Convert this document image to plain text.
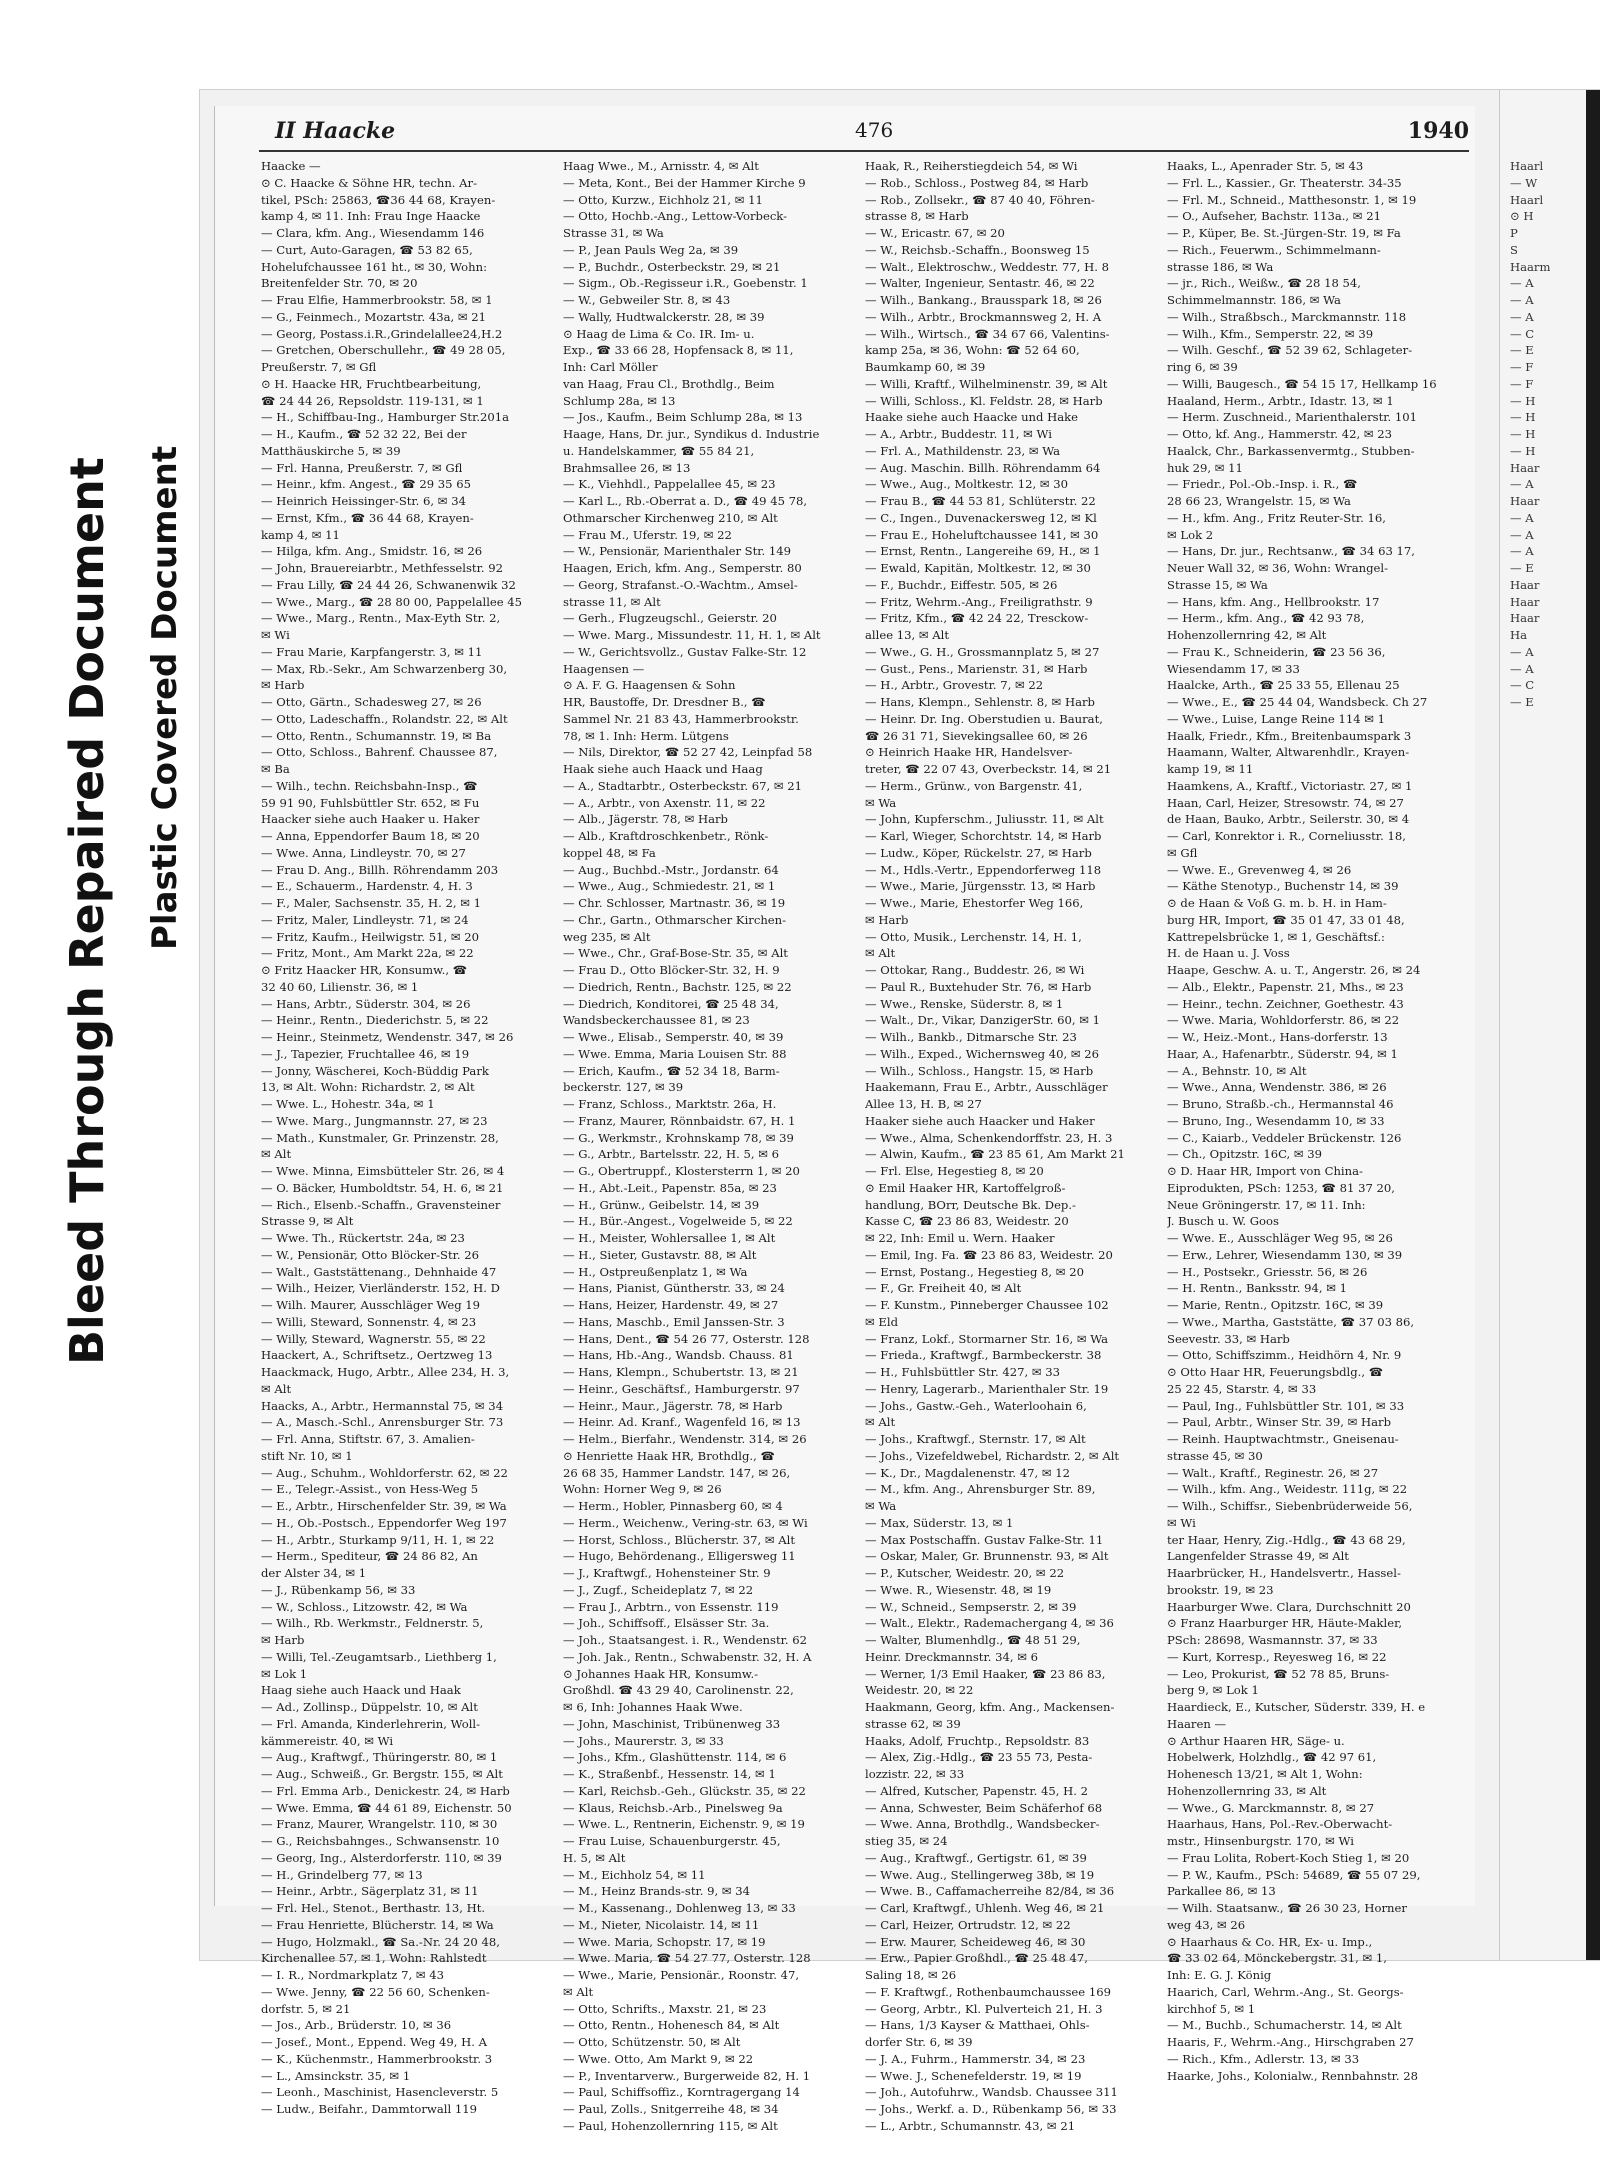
Bleed Through Repaired Document Plastic Covered Document
II Haacke	476	1940
Haacke —
⊙ C. Haacke & Söhne HR, techn. Ar-
tikel, PSch: 25863, ☎36 44 68, Krayen-
kamp 4, ✉ 11. Inh: Frau Inge Haacke
— Clara, kfm. Ang., Wiesendamm 146
— Curt, Auto-Garagen, ☎ 53 82 65,
Hohelufchaussee 161 ht., ✉ 30, Wohn:
Breitenfelder Str. 70, ✉ 20
— Frau Elfie, Hammerbrookstr. 58, ✉ 1
— G., Feinmech., Mozartstr. 43a, ✉ 21
— Georg, Postass.i.R.,Grindelallee24,H.2
— Gretchen, Oberschullehr., ☎ 49 28 05,
Preußerstr. 7, ✉ Gfl
⊙ H. Haacke HR, Fruchtbearbeitung,
☎ 24 44 26, Repsoldstr. 119-131, ✉ 1
— H., Schiffbau-Ing., Hamburger Str.201a
— H., Kaufm., ☎ 52 32 22, Bei der
Matthäuskirche 5, ✉ 39
— Frl. Hanna, Preußerstr. 7, ✉ Gfl
— Heinr., kfm. Angest., ☎ 29 35 65
— Heinrich Heissinger-Str. 6, ✉ 34
— Ernst, Kfm., ☎ 36 44 68, Krayen-
kamp 4, ✉ 11
— Hilga, kfm. Ang., Smidstr. 16, ✉ 26
— John, Brauereiarbtr., Methfesselstr. 92
— Frau Lilly, ☎ 24 44 26, Schwanenwik 32
— Wwe., Marg., ☎ 28 80 00, Pappelallee 45
— Wwe., Marg., Rentn., Max-Eyth Str. 2,
✉ Wi
— Frau Marie, Karpfangerstr. 3, ✉ 11
— Max, Rb.-Sekr., Am Schwarzenberg 30,
✉ Harb
— Otto, Gärtn., Schadesweg 27, ✉ 26
— Otto, Ladeschaffn., Rolandstr. 22, ✉ Alt
— Otto, Rentn., Schumannstr. 19, ✉ Ba
— Otto, Schloss., Bahrenf. Chaussee 87,
✉ Ba
— Wilh., techn. Reichsbahn-Insp., ☎
59 91 90, Fuhlsbüttler Str. 652, ✉ Fu
Haacker siehe auch Haaker u. Haker
— Anna, Eppendorfer Baum 18, ✉ 20
— Wwe. Anna, Lindleystr. 70, ✉ 27
— Frau D. Ang., Billh. Röhrendamm 203
— E., Schauerm., Hardenstr. 4, H. 3
— F., Maler, Sachsenstr. 35, H. 2, ✉ 1
— Fritz, Maler, Lindleystr. 71, ✉ 24
— Fritz, Kaufm., Heilwigstr. 51, ✉ 20
— Fritz, Mont., Am Markt 22a, ✉ 22
⊙ Fritz Haacker HR, Konsumw., ☎
32 40 60, Lilienstr. 36, ✉ 1
— Hans, Arbtr., Süderstr. 304, ✉ 26
— Heinr., Rentn., Diederichstr. 5, ✉ 22
— Heinr., Steinmetz, Wendenstr. 347, ✉ 26
— J., Tapezier, Fruchtallee 46, ✉ 19
— Jonny, Wäscherei, Koch-Büddig Park
13, ✉ Alt. Wohn: Richardstr. 2, ✉ Alt
— Wwe. L., Hohestr. 34a, ✉ 1
— Wwe. Marg., Jungmannstr. 27, ✉ 23
— Math., Kunstmaler, Gr. Prinzenstr. 28,
✉ Alt
— Wwe. Minna, Eimsbütteler Str. 26, ✉ 4
— O. Bäcker, Humboldtstr. 54, H. 6, ✉ 21
— Rich., Elsenb.-Schaffn., Gravensteiner
Strasse 9, ✉ Alt
— Wwe. Th., Rückertstr. 24a, ✉ 23
— W., Pensionär, Otto Blöcker-Str. 26
— Walt., Gaststättenang., Dehnhaide 47
— Wilh., Heizer, Vierländerstr. 152, H. D
— Wilh. Maurer, Ausschläger Weg 19
— Willi, Steward, Sonnenstr. 4, ✉ 23
— Willy, Steward, Wagnerstr. 55, ✉ 22
Haackert, A., Schriftsetz., Oertzweg 13
Haackmack, Hugo, Arbtr., Allee 234, H. 3,
✉ Alt
Haacks, A., Arbtr., Hermannstal 75, ✉ 34
— A., Masch.-Schl., Anrensburger Str. 73
— Frl. Anna, Stiftstr. 67, 3. Amalien-
stift Nr. 10, ✉ 1
— Aug., Schuhm., Wohldorferstr. 62, ✉ 22
— E., Telegr.-Assist., von Hess-Weg 5
— E., Arbtr., Hirschenfelder Str. 39, ✉ Wa
— H., Ob.-Postsch., Eppendorfer Weg 197
— H., Arbtr., Sturkamp 9/11, H. 1, ✉ 22
— Herm., Spediteur, ☎ 24 86 82, An
der Alster 34, ✉ 1
— J., Rübenkamp 56, ✉ 33
— W., Schloss., Litzowstr. 42, ✉ Wa
— Wilh., Rb. Werkmstr., Feldnerstr. 5,
✉ Harb
— Willi, Tel.-Zeugamtsarb., Liethberg 1,
✉ Lok 1
Haag siehe auch Haack und Haak
— Ad., Zollinsp., Düppelstr. 10, ✉ Alt
— Frl. Amanda, Kinderlehrerin, Woll-
kämmereistr. 40, ✉ Wi
— Aug., Kraftwgf., Thüringerstr. 80, ✉ 1
— Aug., Schweiß., Gr. Bergstr. 155, ✉ Alt
— Frl. Emma Arb., Denickestr. 24, ✉ Harb
— Wwe. Emma, ☎ 44 61 89, Eichenstr. 50
— Franz, Maurer, Wrangelstr. 110, ✉ 30
— G., Reichsbahnges., Schwansenstr. 10
— Georg, Ing., Alsterdorferstr. 110, ✉ 39
— H., Grindelberg 77, ✉ 13
— Heinr., Arbtr., Sägerplatz 31, ✉ 11
— Frl. Hel., Stenot., Berthastr. 13, Ht.
— Frau Henriette, Blücherstr. 14, ✉ Wa
— Hugo, Holzmakl., ☎ Sa.-Nr. 24 20 48,
Kirchenallee 57, ✉ 1, Wohn: Rahlstedt
— I. R., Nordmarkplatz 7, ✉ 43
— Wwe. Jenny, ☎ 22 56 60, Schenken-
dorfstr. 5, ✉ 21
— Jos., Arb., Brüderstr. 10, ✉ 36
— Josef., Mont., Eppend. Weg 49, H. A
— K., Küchenmstr., Hammerbrookstr. 3
— L., Amsinckstr. 35, ✉ 1
— Leonh., Maschinist, Hasencleverstr. 5
— Ludw., Beifahr., Dammtorwall 119
Haag Wwe., M., Arnisstr. 4, ✉ Alt
— Meta, Kont., Bei der Hammer Kirche 9
— Otto, Kurzw., Eichholz 21, ✉ 11
— Otto, Hochb.-Ang., Lettow-Vorbeck-
Strasse 31, ✉ Wa
— P., Jean Pauls Weg 2a, ✉ 39
— P., Buchdr., Osterbeckstr. 29, ✉ 21
— Sigm., Ob.-Regisseur i.R., Goebenstr. 1
— W., Gebweiler Str. 8, ✉ 43
— Wally, Hudtwalckerstr. 28, ✉ 39
⊙ Haag de Lima & Co. IR. Im- u.
Exp., ☎ 33 66 28, Hopfensack 8, ✉ 11,
Inh: Carl Möller
van Haag, Frau Cl., Brothdlg., Beim
Schlump 28a, ✉ 13
— Jos., Kaufm., Beim Schlump 28a, ✉ 13
Haage, Hans, Dr. jur., Syndikus d. Industrie
u. Handelskammer, ☎ 55 84 21,
Brahmsallee 26, ✉ 13
— K., Viehhdl., Pappelallee 45, ✉ 23
— Karl L., Rb.-Oberrat a. D., ☎ 49 45 78,
Othmarscher Kirchenweg 210, ✉ Alt
— Frau M., Uferstr. 19, ✉ 22
— W., Pensionär, Marienthaler Str. 149
Haagen, Erich, kfm. Ang., Semperstr. 80
— Georg, Strafanst.-O.-Wachtm., Amsel-
strasse 11, ✉ Alt
— Gerh., Flugzeugschl., Geierstr. 20
— Wwe. Marg., Missundestr. 11, H. 1, ✉ Alt
— W., Gerichtsvollz., Gustav Falke-Str. 12
Haagensen —
⊙ A. F. G. Haagensen & Sohn
HR, Baustoffe, Dr. Dresdner B., ☎
Sammel Nr. 21 83 43, Hammerbrookstr.
78, ✉ 1. Inh: Herm. Lütgens
— Nils, Direktor, ☎ 52 27 42, Leinpfad 58
Haak siehe auch Haack und Haag
— A., Stadtarbtr., Osterbeckstr. 67, ✉ 21
— A., Arbtr., von Axenstr. 11, ✉ 22
— Alb., Jägerstr. 78, ✉ Harb
— Alb., Kraftdroschkenbetr., Rönk-
koppel 48, ✉ Fa
— Aug., Buchbd.-Mstr., Jordanstr. 64
— Wwe., Aug., Schmiedestr. 21, ✉ 1
— Chr. Schlosser, Martnastr. 36, ✉ 19
— Chr., Gartn., Othmarscher Kirchen-
weg 235, ✉ Alt
— Wwe., Chr., Graf-Bose-Str. 35, ✉ Alt
— Frau D., Otto Blöcker-Str. 32, H. 9
— Diedrich, Rentn., Bachstr. 125, ✉ 22
— Diedrich, Konditorei, ☎ 25 48 34,
Wandsbeckerchaussee 81, ✉ 23
— Wwe., Elisab., Semperstr. 40, ✉ 39
— Wwe. Emma, Maria Louisen Str. 88
— Erich, Kaufm., ☎ 52 34 18, Barm-
beckerstr. 127, ✉ 39
— Franz, Schloss., Marktstr. 26a, H.
— Franz, Maurer, Rönnbaidstr. 67, H. 1
— G., Werkmstr., Krohnskamp 78, ✉ 39
— G., Arbtr., Bartelsstr. 22, H. 5, ✉ 6
— G., Obertruppf., Klostersterrn 1, ✉ 20
— H., Abt.-Leit., Papenstr. 85a, ✉ 23
— H., Grünw., Geibelstr. 14, ✉ 39
— H., Bür.-Angest., Vogelweide 5, ✉ 22
— H., Meister, Wohlersallee 1, ✉ Alt
— H., Sieter, Gustavstr. 88, ✉ Alt
— H., Ostpreußenplatz 1, ✉ Wa
— Hans, Pianist, Güntherstr. 33, ✉ 24
— Hans, Heizer, Hardenstr. 49, ✉ 27
— Hans, Maschb., Emil Janssen-Str. 3
— Hans, Dent., ☎ 54 26 77, Osterstr. 128
— Hans, Hb.-Ang., Wandsb. Chauss. 81
— Hans, Klempn., Schubertstr. 13, ✉ 21
— Heinr., Geschäftsf., Hamburgerstr. 97
— Heinr., Maur., Jägerstr. 78, ✉ Harb
— Heinr. Ad. Kranf., Wagenfeld 16, ✉ 13
— Helm., Bierfahr., Wendenstr. 314, ✉ 26
⊙ Henriette Haak HR, Brothdlg., ☎
26 68 35, Hammer Landstr. 147, ✉ 26,
Wohn: Horner Weg 9, ✉ 26
— Herm., Hobler, Pinnasberg 60, ✉ 4
— Herm., Weichenw., Vering-str. 63, ✉ Wi
— Horst, Schloss., Blücherstr. 37, ✉ Alt
— Hugo, Behördenang., Elligersweg 11
— J., Kraftwgf., Hohensteiner Str. 9
— J., Zugf., Scheideplatz 7, ✉ 22
— Frau J., Arbtrn., von Essenstr. 119
— Joh., Schiffsoff., Elsässer Str. 3a.
— Joh., Staatsangest. i. R., Wendenstr. 62
— Joh. Jak., Rentn., Schwabenstr. 32, H. A
⊙ Johannes Haak HR, Konsumw.-
Großhdl. ☎ 43 29 40, Carolinenstr. 22,
✉ 6, Inh: Johannes Haak Wwe.
— John, Maschinist, Tribünenweg 33
— Johs., Maurerstr. 3, ✉ 33
— Johs., Kfm., Glashüttenstr. 114, ✉ 6
— K., Straßenbf., Hessenstr. 14, ✉ 1
— Karl, Reichsb.-Geh., Glückstr. 35, ✉ 22
— Klaus, Reichsb.-Arb., Pinelsweg 9a
— Wwe. L., Rentnerin, Eichenstr. 9, ✉ 19
— Frau Luise, Schauenburgerstr. 45,
H. 5, ✉ Alt
— M., Eichholz 54, ✉ 11
— M., Heinz Brands-str. 9, ✉ 34
— M., Kassenang., Dohlenweg 13, ✉ 33
— M., Nieter, Nicolaistr. 14, ✉ 11
— Wwe. Maria, Schopstr. 17, ✉ 19
— Wwe. Maria, ☎ 54 27 77, Osterstr. 128
— Wwe., Marie, Pensionär., Roonstr. 47,
✉ Alt
— Otto, Schrifts., Maxstr. 21, ✉ 23
— Otto, Rentn., Hohenesch 84, ✉ Alt
— Otto, Schützenstr. 50, ✉ Alt
— Wwe. Otto, Am Markt 9, ✉ 22
— P., Inventarverw., Burgerweide 82, H. 1
— Paul, Schiffsoffiz., Korntragergang 14
— Paul, Zolls., Snitgerreihe 48, ✉ 34
— Paul, Hohenzollernring 115, ✉ Alt
Haak, R., Reiherstiegdeich 54, ✉ Wi
— Rob., Schloss., Postweg 84, ✉ Harb
— Rob., Zollsekr., ☎ 87 40 40, Föhren-
strasse 8, ✉ Harb
— W., Ericastr. 67, ✉ 20
— W., Reichsb.-Schaffn., Boonsweg 15
— Walt., Elektroschw., Weddestr. 77, H. 8
— Walter, Ingenieur, Sentastr. 46, ✉ 22
— Wilh., Bankang., Brausspark 18, ✉ 26
— Wilh., Arbtr., Brockmannsweg 2, H. A
— Wilh., Wirtsch., ☎ 34 67 66, Valentins-
kamp 25a, ✉ 36, Wohn: ☎ 52 64 60,
Baumkamp 60, ✉ 39
— Willi, Kraftf., Wilhelminenstr. 39, ✉ Alt
— Willi, Schloss., Kl. Feldstr. 28, ✉ Harb
Haake siehe auch Haacke und Hake
— A., Arbtr., Buddestr. 11, ✉ Wi
— Frl. A., Mathildenstr. 23, ✉ Wa
— Aug. Maschin. Billh. Röhrendamm 64
— Wwe., Aug., Moltkestr. 12, ✉ 30
— Frau B., ☎ 44 53 81, Schlüterstr. 22
— C., Ingen., Duvenackersweg 12, ✉ Kl
— Frau E., Hoheluftchaussee 141, ✉ 30
— Ernst, Rentn., Langereihe 69, H., ✉ 1
— Ewald, Kapitän, Moltkestr. 12, ✉ 30
— F., Buchdr., Eiffestr. 505, ✉ 26
— Fritz, Wehrm.-Ang., Freiligrathstr. 9
— Fritz, Kfm., ☎ 42 24 22, Tresckow-
allee 13, ✉ Alt
— Wwe., G. H., Grossmannplatz 5, ✉ 27
— Gust., Pens., Marienstr. 31, ✉ Harb
— H., Arbtr., Grovestr. 7, ✉ 22
— Hans, Klempn., Sehlenstr. 8, ✉ Harb
— Heinr. Dr. Ing. Oberstudien u. Baurat,
☎ 26 31 71, Sievekingsallee 60, ✉ 26
⊙ Heinrich Haake HR, Handelsver-
treter, ☎ 22 07 43, Overbeckstr. 14, ✉ 21
— Herm., Grünw., von Bargenstr. 41,
✉ Wa
— John, Kupferschm., Juliusstr. 11, ✉ Alt
— Karl, Wieger, Schorchtstr. 14, ✉ Harb
— Ludw., Köper, Rückelstr. 27, ✉ Harb
— M., Hdls.-Vertr., Eppendorferweg 118
— Wwe., Marie, Jürgensstr. 13, ✉ Harb
— Wwe., Marie, Ehestorfer Weg 166,
✉ Harb
— Otto, Musik., Lerchenstr. 14, H. 1,
✉ Alt
— Ottokar, Rang., Buddestr. 26, ✉ Wi
— Paul R., Buxtehuder Str. 76, ✉ Harb
— Wwe., Renske, Süderstr. 8, ✉ 1
— Walt., Dr., Vikar, DanzigerStr. 60, ✉ 1
— Wilh., Bankb., Ditmarsche Str. 23
— Wilh., Exped., Wichernsweg 40, ✉ 26
— Wilh., Schloss., Hangstr. 15, ✉ Harb
Haakemann, Frau E., Arbtr., Ausschläger
Allee 13, H. B, ✉ 27
Haaker siehe auch Haacker und Haker
— Wwe., Alma, Schenkendorffstr. 23, H. 3
— Alwin, Kaufm., ☎ 23 85 61, Am Markt 21
— Frl. Else, Hegestieg 8, ✉ 20
⊙ Emil Haaker HR, Kartoffelgroß-
handlung, BOrr, Deutsche Bk. Dep.-
Kasse C, ☎ 23 86 83, Weidestr. 20
✉ 22, Inh: Emil u. Wern. Haaker
— Emil, Ing. Fa. ☎ 23 86 83, Weidestr. 20
— Ernst, Postang., Hegestieg 8, ✉ 20
— F., Gr. Freiheit 40, ✉ Alt
— F. Kunstm., Pinneberger Chaussee 102
✉ Eld
— Franz, Lokf., Stormarner Str. 16, ✉ Wa
— Frieda., Kraftwgf., Barmbeckerstr. 38
— H., Fuhlsbüttler Str. 427, ✉ 33
— Henry, Lagerarb., Marienthaler Str. 19
— Johs., Gastw.-Geh., Waterloohain 6,
✉ Alt
— Johs., Kraftwgf., Sternstr. 17, ✉ Alt
— Johs., Vizefeldwebel, Richardstr. 2, ✉ Alt
— K., Dr., Magdalenenstr. 47, ✉ 12
— M., kfm. Ang., Ahrensburger Str. 89,
✉ Wa
— Max, Süderstr. 13, ✉ 1
— Max Postschaffn. Gustav Falke-Str. 11
— Oskar, Maler, Gr. Brunnenstr. 93, ✉ Alt
— P., Kutscher, Weidestr. 20, ✉ 22
— Wwe. R., Wiesenstr. 48, ✉ 19
— W., Schneid., Sempserstr. 2, ✉ 39
— Walt., Elektr., Rademachergang 4, ✉ 36
— Walter, Blumenhdlg., ☎ 48 51 29,
Heinr. Dreckmannstr. 34, ✉ 6
— Werner, 1/3 Emil Haaker, ☎ 23 86 83,
Weidestr. 20, ✉ 22
Haakmann, Georg, kfm. Ang., Mackensen-
strasse 62, ✉ 39
Haaks, Adolf, Fruchtp., Repsoldstr. 83
— Alex, Zig.-Hdlg., ☎ 23 55 73, Pesta-
lozzistr. 22, ✉ 33
— Alfred, Kutscher, Papenstr. 45, H. 2
— Anna, Schwester, Beim Schäferhof 68
— Wwe. Anna, Brothdlg., Wandsbecker-
stieg 35, ✉ 24
— Aug., Kraftwgf., Gertigstr. 61, ✉ 39
— Wwe. Aug., Stellingerweg 38b, ✉ 19
— Wwe. B., Caffamacherreihe 82/84, ✉ 36
— Carl, Kraftwgf., Uhlenh. Weg 46, ✉ 21
— Carl, Heizer, Ortrudstr. 12, ✉ 22
— Erw. Maurer, Scheideweg 46, ✉ 30
— Erw., Papier Großhdl., ☎ 25 48 47,
Saling 18, ✉ 26
— F. Kraftwgf., Rothenbaumchaussee 169
— Georg, Arbtr., Kl. Pulverteich 21, H. 3
— Hans, 1/3 Kayser & Matthaei, Ohls-
dorfer Str. 6, ✉ 39
— J. A., Fuhrm., Hammerstr. 34, ✉ 23
— Wwe. J., Schenefelderstr. 19, ✉ 19
— Joh., Autofuhrw., Wandsb. Chaussee 311
— Johs., Werkf. a. D., Rübenkamp 56, ✉ 33
— L., Arbtr., Schumannstr. 43, ✉ 21
Haaks, L., Apenrader Str. 5, ✉ 43
— Frl. L., Kassier., Gr. Theaterstr. 34-35
— Frl. M., Schneid., Matthesonstr. 1, ✉ 19
— O., Aufseher, Bachstr. 113a., ✉ 21
— P., Küper, Be. St.-Jürgen-Str. 19, ✉ Fa
— Rich., Feuerwm., Schimmelmann-
strasse 186, ✉ Wa
— jr., Rich., Weißw., ☎ 28 18 54,
Schimmelmannstr. 186, ✉ Wa
— Wilh., Straßbsch., Marckmannstr. 118
— Wilh., Kfm., Semperstr. 22, ✉ 39
— Wilh. Geschf., ☎ 52 39 62, Schlageter-
ring 6, ✉ 39
— Willi, Baugesch., ☎ 54 15 17, Hellkamp 16
Haaland, Herm., Arbtr., Idastr. 13, ✉ 1
— Herm. Zuschneid., Marienthalerstr. 101
— Otto, kf. Ang., Hammerstr. 42, ✉ 23
Haalck, Chr., Barkassenvermtg., Stubben-
huk 29, ✉ 11
— Friedr., Pol.-Ob.-Insp. i. R., ☎
28 66 23, Wrangelstr. 15, ✉ Wa
— H., kfm. Ang., Fritz Reuter-Str. 16,
✉ Lok 2
— Hans, Dr. jur., Rechtsanw., ☎ 34 63 17,
Neuer Wall 32, ✉ 36, Wohn: Wrangel-
Strasse 15, ✉ Wa
— Hans, kfm. Ang., Hellbrookstr. 17
— Herm., kfm. Ang., ☎ 42 93 78,
Hohenzollernring 42, ✉ Alt
— Frau K., Schneiderin, ☎ 23 56 36,
Wiesendamm 17, ✉ 33
Haalcke, Arth., ☎ 25 33 55, Ellenau 25
— Wwe., E., ☎ 25 44 04, Wandsbeck. Ch 27
— Wwe., Luise, Lange Reine 114 ✉ 1
Haalk, Friedr., Kfm., Breitenbaumspark 3
Haamann, Walter, Altwarenhdlr., Krayen-
kamp 19, ✉ 11
Haamkens, A., Kraftf., Victoriastr. 27, ✉ 1
Haan, Carl, Heizer, Stresowstr. 74, ✉ 27
de Haan, Bauko, Arbtr., Seilerstr. 30, ✉ 4
— Carl, Konrektor i. R., Corneliusstr. 18,
✉ Gfl
— Wwe. E., Grevenweg 4, ✉ 26
— Käthe Stenotyp., Buchenstr 14, ✉ 39
⊙ de Haan & Voß G. m. b. H. in Ham-
burg HR, Import, ☎ 35 01 47, 33 01 48,
Kattrepelsbrücke 1, ✉ 1, Geschäftsf.:
H. de Haan u. J. Voss
Haape, Geschw. A. u. T., Angerstr. 26, ✉ 24
— Alb., Elektr., Papenstr. 21, Mhs., ✉ 23
— Heinr., techn. Zeichner, Goethestr. 43
— Wwe. Maria, Wohldorferstr. 86, ✉ 22
— W., Heiz.-Mont., Hans-dorferstr. 13
Haar, A., Hafenarbtr., Süderstr. 94, ✉ 1
— A., Behnstr. 10, ✉ Alt
— Wwe., Anna, Wendenstr. 386, ✉ 26
— Bruno, Straßb.-ch., Hermannstal 46
— Bruno, Ing., Wesendamm 10, ✉ 33
— C., Kaiarb., Veddeler Brückenstr. 126
— Ch., Opitzstr. 16C, ✉ 39
⊙ D. Haar HR, Import von China-
Eiprodukten, PSch: 1253, ☎ 81 37 20,
Neue Gröningerstr. 17, ✉ 11. Inh:
J. Busch u. W. Goos
— Wwe. E., Ausschläger Weg 95, ✉ 26
— Erw., Lehrer, Wiesendamm 130, ✉ 39
— H., Postsekr., Griesstr. 56, ✉ 26
— H. Rentn., Banksstr. 94, ✉ 1
— Marie, Rentn., Opitzstr. 16C, ✉ 39
— Wwe., Martha, Gaststätte, ☎ 37 03 86,
Seevestr. 33, ✉ Harb
— Otto, Schiffszimm., Heidhörn 4, Nr. 9
⊙ Otto Haar HR, Feuerungsbdlg., ☎
25 22 45, Starstr. 4, ✉ 33
— Paul, Ing., Fuhlsbüttler Str. 101, ✉ 33
— Paul, Arbtr., Winser Str. 39, ✉ Harb
— Reinh. Hauptwachtmstr., Gneisenau-
strasse 45, ✉ 30
— Walt., Kraftf., Reginestr. 26, ✉ 27
— Wilh., kfm. Ang., Weidestr. 111g, ✉ 22
— Wilh., Schiffsr., Siebenbrüderweide 56,
✉ Wi
ter Haar, Henry, Zig.-Hdlg., ☎ 43 68 29,
Langenfelder Strasse 49, ✉ Alt
Haarbrücker, H., Handelsvertr., Hassel-
brookstr. 19, ✉ 23
Haarburger Wwe. Clara, Durchschnitt 20
⊙ Franz Haarburger HR, Häute-Makler,
PSch: 28698, Wasmannstr. 37, ✉ 33
— Kurt, Korresp., Reyesweg 16, ✉ 22
— Leo, Prokurist, ☎ 52 78 85, Bruns-
berg 9, ✉ Lok 1
Haardieck, E., Kutscher, Süderstr. 339, H. e
Haaren —
⊙ Arthur Haaren HR, Säge- u.
Hobelwerk, Holzhdlg., ☎ 42 97 61,
Hohenesch 13/21, ✉ Alt 1, Wohn:
Hohenzollernring 33, ✉ Alt
— Wwe., G. Marckmannstr. 8, ✉ 27
Haarhaus, Hans, Pol.-Rev.-Oberwacht-
mstr., Hinsenburgstr. 170, ✉ Wi
— Frau Lolita, Robert-Koch Stieg 1, ✉ 20
— P. W., Kaufm., PSch: 54689, ☎ 55 07 29,
Parkallee 86, ✉ 13
— Wilh. Staatsanw., ☎ 26 30 23, Horner
weg 43, ✉ 26
⊙ Haarhaus & Co. HR, Ex- u. Imp.,
☎ 33 02 64, Mönckebergstr. 31, ✉ 1,
Inh: E. G. J. König
Haarich, Carl, Wehrm.-Ang., St. Georgs-
kirchhof 5, ✉ 1
— M., Buchb., Schumacherstr. 14, ✉ Alt
Haaris, F., Wehrm.-Ang., Hirschgraben 27
— Rich., Kfm., Adlerstr. 13, ✉ 33
Haarke, Johs., Kolonialw., Rennbahnstr. 28
Haarl
— W
Haarl
⊙ H
P
S
Haarm
— A
— A
— A
— C
— E
— F
— F
— H
— H
— H
— H
Haar
— A
Haar
— A
— A
— A
— E
Haar
Haar
Haar
Ha
— A
— A
— C
— E
